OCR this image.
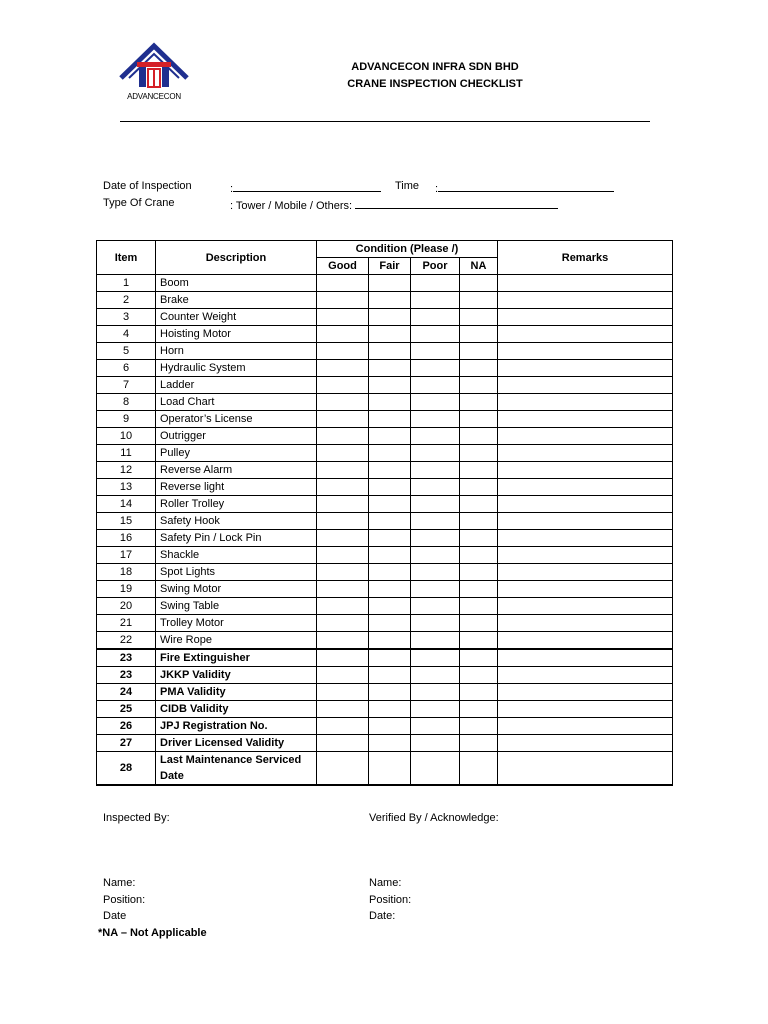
ADVANCECON
ADVANCECON INFRA SDN BHD
CRANE INSPECTION CHECKLIST
Date of Inspection	:	Time :
Type Of Crane	: Tower / Mobile / Others:
Item	Description	Condition (Please /)				Remarks
		Good	Fair	Poor	NA	
1	Boom					
2	Brake					
3	Counter Weight					
4	Hoisting Motor					
5	Horn					
6	Hydraulic System					
7	Ladder					
8	Load Chart					
9	Operator’s License					
10	Outrigger					
11	Pulley					
12	Reverse Alarm					
13	Reverse light					
14	Roller Trolley					
15	Safety Hook					
16	Safety Pin / Lock Pin					
17	Shackle					
18	Spot Lights					
19	Swing Motor					
20	Swing Table					
21	Trolley Motor					
22	Wire Rope					
23	Fire Extinguisher					
23	JKKP Validity					
24	PMA Validity					
25	CIDB Validity					
26	JPJ Registration No.					
27	Driver Licensed Validity					
28	Last Maintenance Serviced Date					
Inspected By:	Verified By / Acknowledge:
Name:
Position:
Date
Name:
Position:
Date:
*NA – Not Applicable
